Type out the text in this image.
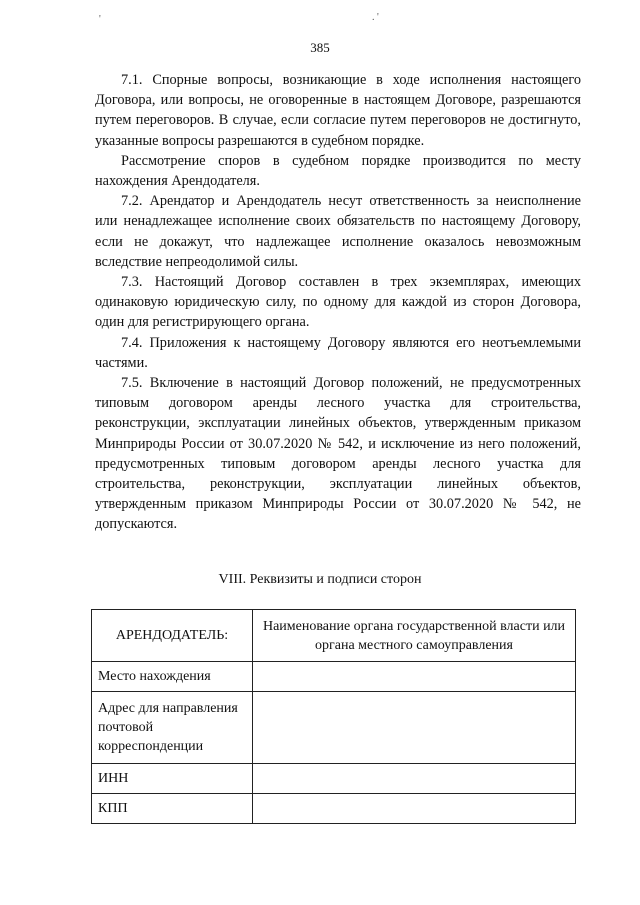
'	. '
385

7.1. Спорные вопросы, возникающие в ходе исполнения настоящего Договора, или вопросы, не оговоренные в настоящем Договоре, разрешаются путем переговоров. В случае, если согласие путем переговоров не достигнуто, указанные вопросы разрешаются в судебном порядке.

Рассмотрение споров в судебном порядке производится по месту нахождения Арендодателя.

7.2. Арендатор и Арендодатель несут ответственность за неисполнение или ненадлежащее исполнение своих обязательств по настоящему Договору, если не докажут, что надлежащее исполнение оказалось невозможным вследствие непреодолимой силы.

7.3. Настоящий Договор составлен в трех экземплярах, имеющих одинаковую юридическую силу, по одному для каждой из сторон Договора, один для регистрирующего органа.

7.4. Приложения к настоящему Договору являются его неотъемлемыми частями.

7.5. Включение в настоящий Договор положений, не предусмотренных типовым договором аренды лесного участка для строительства, реконструкции, эксплуатации линейных объектов, утвержденным приказом Минприроды России от 30.07.2020 № 542, и исключение из него положений, предусмотренных типовым договором аренды лесного участка для строительства, реконструкции, эксплуатации линейных объектов, утвержденным приказом Минприроды России от 30.07.2020 № 542, не допускаются.

VIII. Реквизиты и подписи сторон
АРЕНДОДАТЕЛЬ:	Наименование органа государственной власти или органа местного самоуправления
Место нахождения	
Адрес для направления почтовой корреспонденции	
ИНН	
КПП	
